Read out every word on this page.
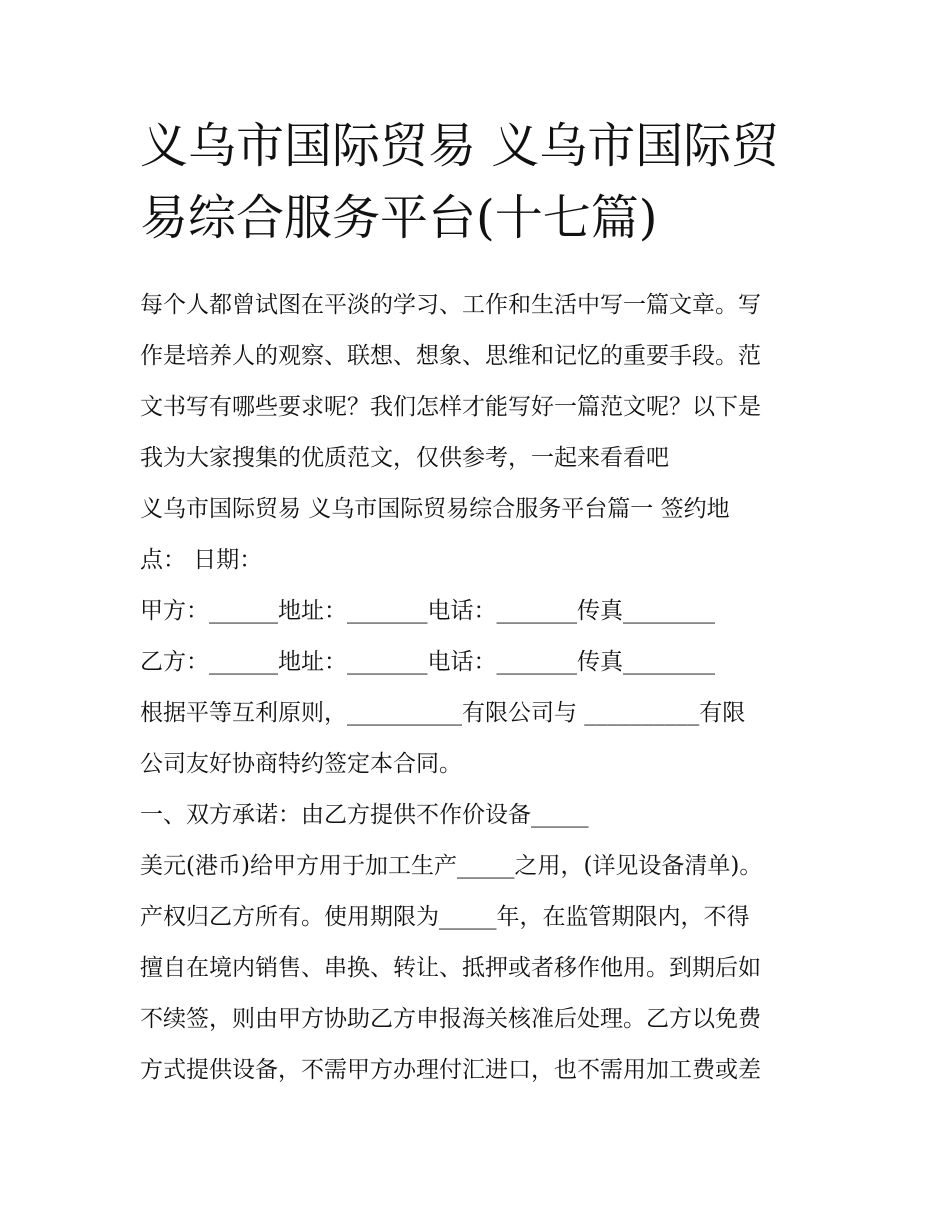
义乌市国际贸易 义乌市国际贸
易综合服务平台(十七篇)
每个人都曾试图在平淡的学习、工作和生活中写一篇文章。写
作是培养人的观察、联想、想象、思维和记忆的重要手段。范
文书写有哪些要求呢？我们怎样才能写好一篇范文呢？以下是
我为大家搜集的优质范文，仅供参考，一起来看看吧
义乌市国际贸易 义乌市国际贸易综合服务平台篇一 签约地
点： 日期：
甲方：______地址：_______电话：_______传真________
乙方：______地址：_______电话：_______传真________
根据平等互利原则，__________有限公司与 __________有限
公司友好协商特约签定本合同。
一、双方承诺：由乙方提供不作价设备_____
美元(港币)给甲方用于加工生产_____之用，(详见设备清单)。
产权归乙方所有。使用期限为_____年，在监管期限内，不得
擅自在境内销售、串换、转让、抵押或者移作他用。到期后如
不续签，则由甲方协助乙方申报海关核准后处理。乙方以免费
方式提供设备，不需甲方办理付汇进口，也不需用加工费或差
